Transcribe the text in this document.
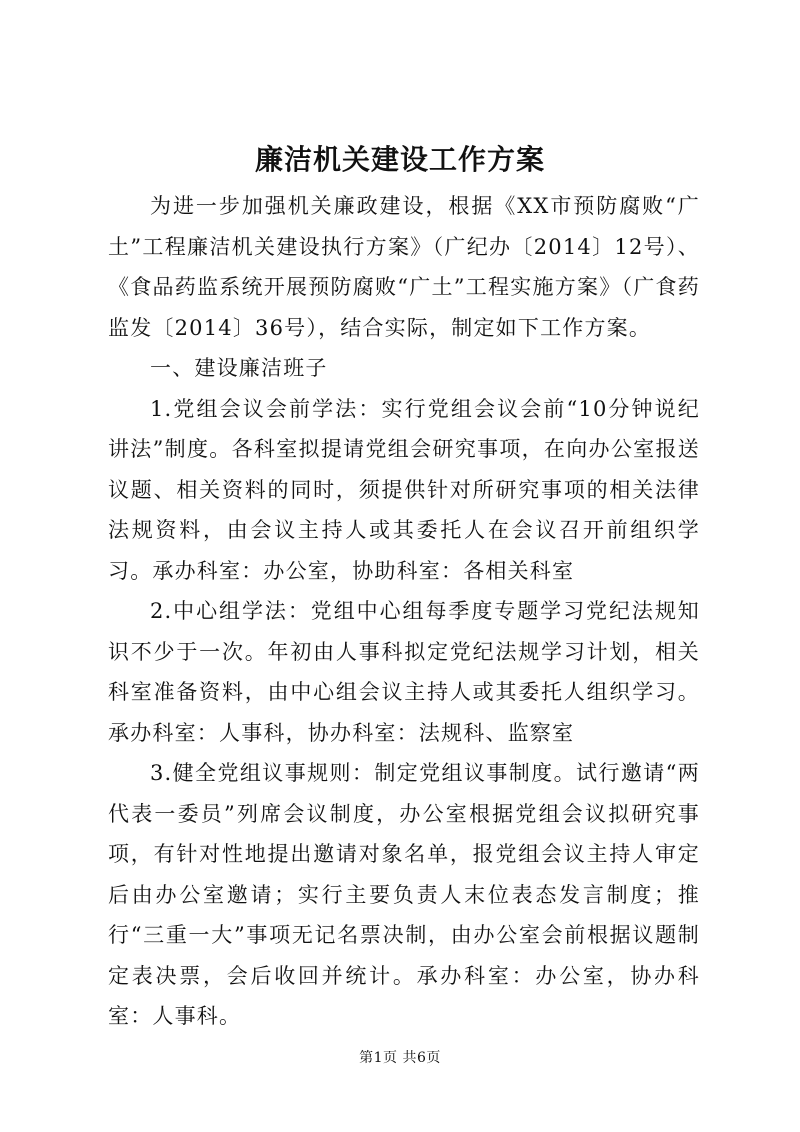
廉洁机关建设工作方案

为进一步加强机关廉政建设，根据《XX市预防腐败“广土”工程廉洁机关建设执行方案》（广纪办〔2014〕12号）、《食品药监系统开展预防腐败“广土”工程实施方案》（广食药监发〔2014〕36号），结合实际，制定如下工作方案。

一、建设廉洁班子

1.党组会议会前学法：实行党组会议会前“10分钟说纪讲法”制度。各科室拟提请党组会研究事项，在向办公室报送议题、相关资料的同时，须提供针对所研究事项的相关法律法规资料，由会议主持人或其委托人在会议召开前组织学习。承办科室：办公室，协助科室：各相关科室

2.中心组学法：党组中心组每季度专题学习党纪法规知识不少于一次。年初由人事科拟定党纪法规学习计划，相关科室准备资料，由中心组会议主持人或其委托人组织学习。承办科室：人事科，协办科室：法规科、监察室

3.健全党组议事规则：制定党组议事制度。试行邀请“两代表一委员”列席会议制度，办公室根据党组会议拟研究事项，有针对性地提出邀请对象名单，报党组会议主持人审定后由办公室邀请；实行主要负责人末位表态发言制度；推行“三重一大”事项无记名票决制，由办公室会前根据议题制定表决票，会后收回并统计。承办科室：办公室，协办科室：人事科。

第1页 共6页
